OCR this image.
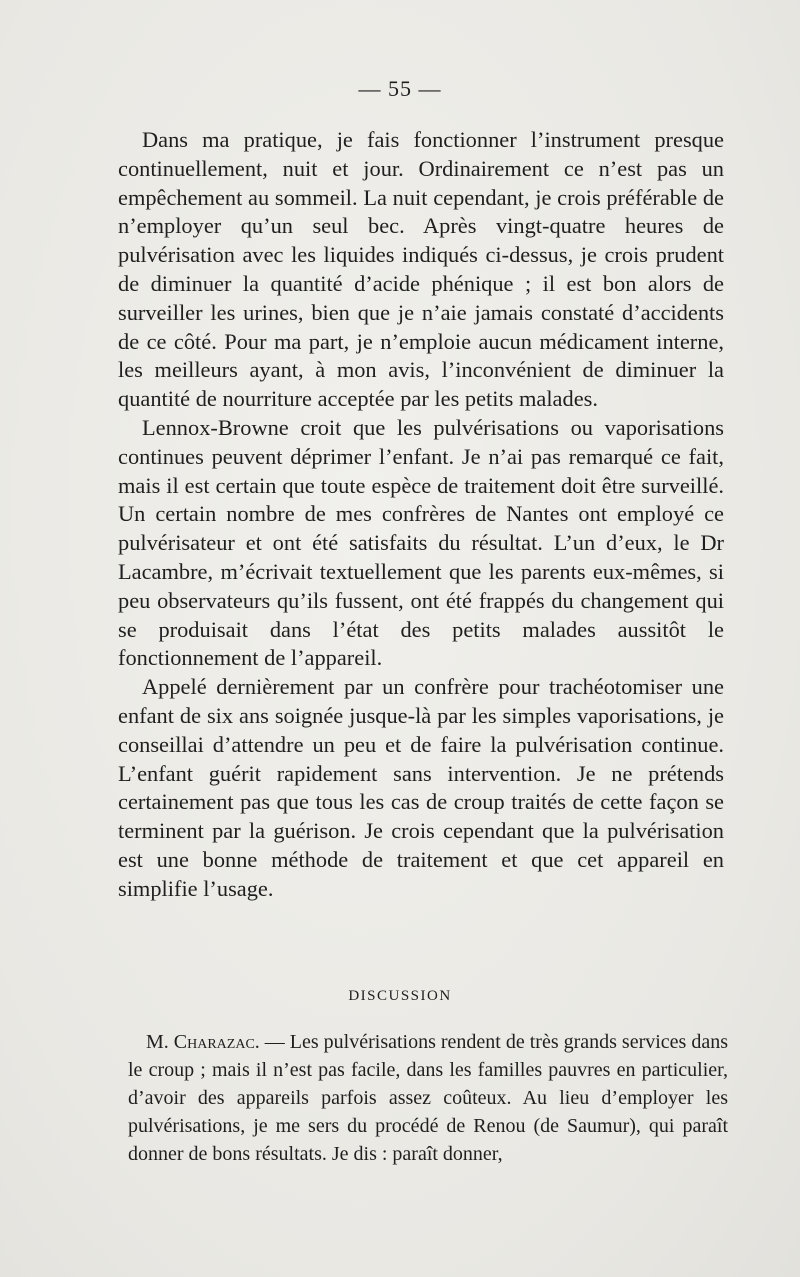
— 55 —

Dans ma pratique, je fais fonctionner l’instrument presque continuellement, nuit et jour. Ordinairement ce n’est pas un empêchement au sommeil. La nuit cependant, je crois préférable de n’employer qu’un seul bec. Après vingt-quatre heures de pulvérisation avec les liquides indiqués ci-dessus, je crois prudent de diminuer la quantité d’acide phénique ; il est bon alors de surveiller les urines, bien que je n’aie jamais constaté d’accidents de ce côté. Pour ma part, je n’emploie aucun médicament interne, les meilleurs ayant, à mon avis, l’inconvénient de diminuer la quantité de nourriture acceptée par les petits malades.

Lennox-Browne croit que les pulvérisations ou vaporisations continues peuvent déprimer l’enfant. Je n’ai pas remarqué ce fait, mais il est certain que toute espèce de traitement doit être surveillé. Un certain nombre de mes confrères de Nantes ont employé ce pulvérisateur et ont été satisfaits du résultat. L’un d’eux, le Dr Lacambre, m’écrivait textuellement que les parents eux-mêmes, si peu observateurs qu’ils fussent, ont été frappés du changement qui se produisait dans l’état des petits malades aussitôt le fonctionnement de l’appareil.

Appelé dernièrement par un confrère pour trachéotomiser une enfant de six ans soignée jusque-là par les simples vaporisations, je conseillai d’attendre un peu et de faire la pulvérisation continue. L’enfant guérit rapidement sans intervention. Je ne prétends certainement pas que tous les cas de croup traités de cette façon se terminent par la guérison. Je crois cependant que la pulvérisation est une bonne méthode de traitement et que cet appareil en simplifie l’usage.

DISCUSSION

M. Charazac. — Les pulvérisations rendent de très grands services dans le croup ; mais il n’est pas facile, dans les familles pauvres en particulier, d’avoir des appareils parfois assez coûteux. Au lieu d’employer les pulvérisations, je me sers du procédé de Renou (de Saumur), qui paraît donner de bons résultats. Je dis : paraît donner,
